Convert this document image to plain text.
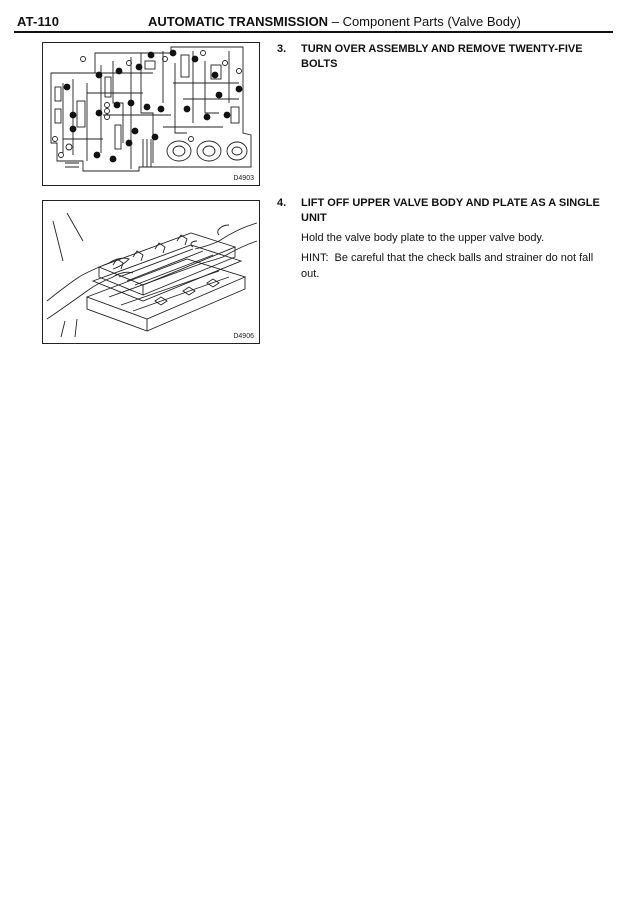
AT-110	AUTOMATIC TRANSMISSION – Component Parts (Valve Body)
D4903
3. TURN OVER ASSEMBLY AND REMOVE TWENTY-FIVE BOLTS
D4906
4. LIFT OFF UPPER VALVE BODY AND PLATE AS A SINGLE UNIT
Hold the valve body plate to the upper valve body.
HINT: Be careful that the check balls and strainer do not fall out.
